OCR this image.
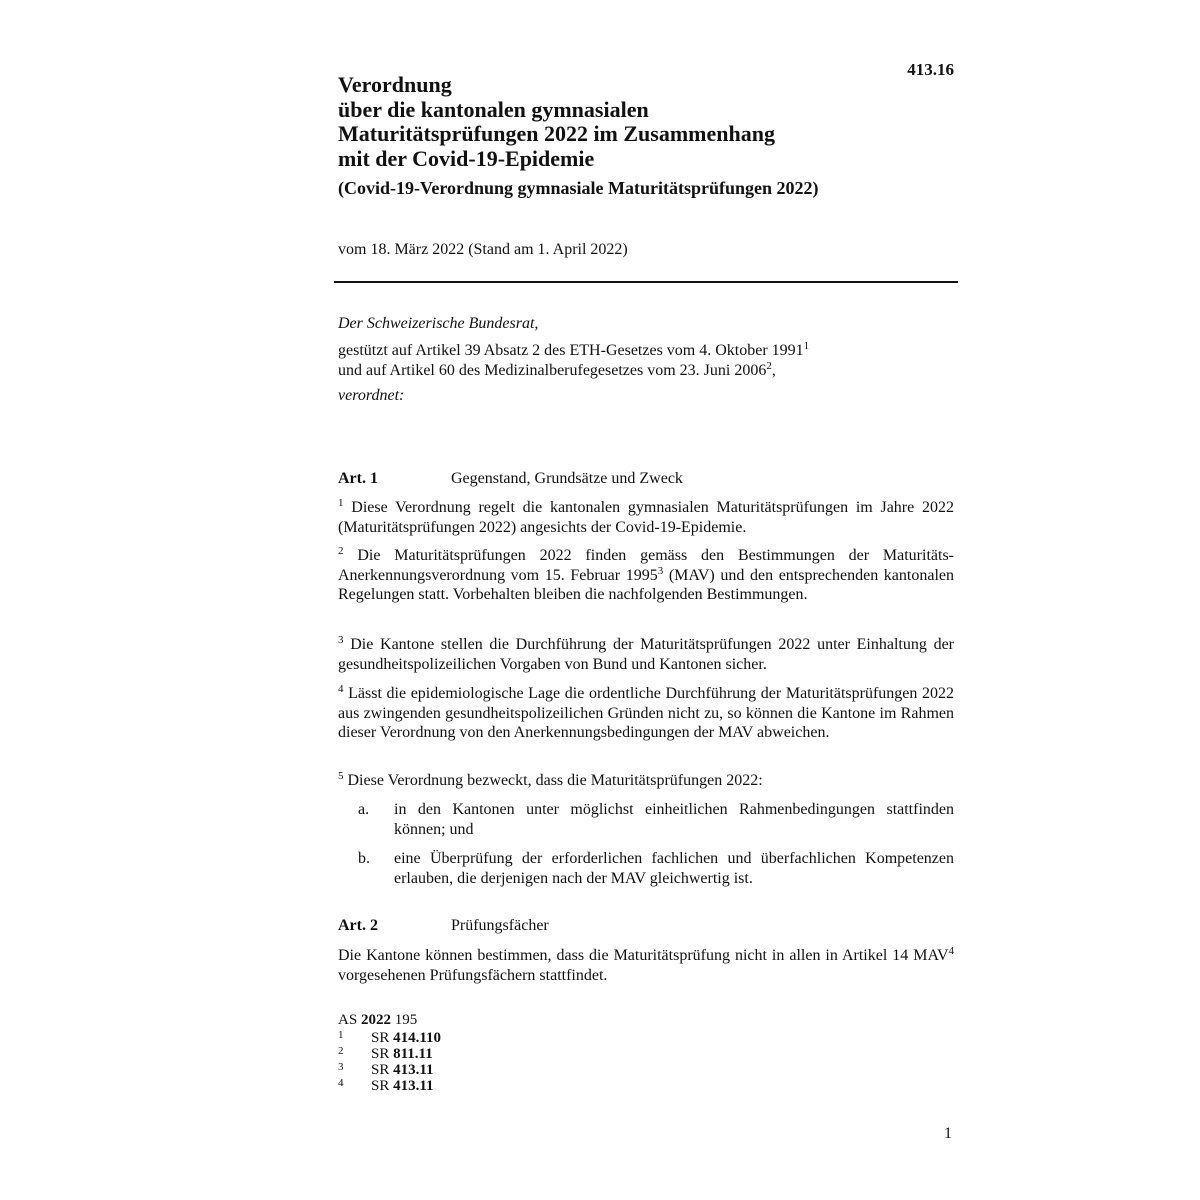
413.16
Verordnung
über die kantonalen gymnasialen
Maturitätsprüfungen 2022 im Zusammenhang
mit der Covid-19-Epidemie
(Covid-19-Verordnung gymnasiale Maturitätsprüfungen 2022)
vom 18. März 2022 (Stand am 1. April 2022)
Der Schweizerische Bundesrat,
gestützt auf Artikel 39 Absatz 2 des ETH-Gesetzes vom 4. Oktober 1991$^1$
und auf Artikel 60 des Medizinalberufegesetzes vom 23. Juni 2006$^2$,
verordnet:
Art. 1	Gegenstand, Grundsätze und Zweck
$^1$ Diese Verordnung regelt die kantonalen gymnasialen Maturitätsprüfungen im Jahre 2022 (Maturitätsprüfungen 2022) angesichts der Covid-19-Epidemie.
$^2$ Die Maturitätsprüfungen 2022 finden gemäss den Bestimmungen der Maturitäts-Anerkennungsverordnung vom 15. Februar 1995$^3$ (MAV) und den entsprechenden kantonalen Regelungen statt. Vorbehalten bleiben die nachfolgenden Bestimmungen.
$^3$ Die Kantone stellen die Durchführung der Maturitätsprüfungen 2022 unter Einhaltung der gesundheitspolizeilichen Vorgaben von Bund und Kantonen sicher.
$^4$ Lässt die epidemiologische Lage die ordentliche Durchführung der Maturitätsprüfungen 2022 aus zwingenden gesundheitspolizeilichen Gründen nicht zu, so können die Kantone im Rahmen dieser Verordnung von den Anerkennungsbedingungen der MAV abweichen.
$^5$ Diese Verordnung bezweckt, dass die Maturitätsprüfungen 2022:
a. in den Kantonen unter möglichst einheitlichen Rahmenbedingungen stattfinden können; und
b. eine Überprüfung der erforderlichen fachlichen und überfachlichen Kompetenzen erlauben, die derjenigen nach der MAV gleichwertig ist.
Art. 2	Prüfungsfächer
Die Kantone können bestimmen, dass die Maturitätsprüfung nicht in allen in Artikel 14 MAV$^4$ vorgesehenen Prüfungsfächern stattfindet.
AS 2022 195
1 SR 414.110
2 SR 811.11
3 SR 413.11
4 SR 413.11
1
